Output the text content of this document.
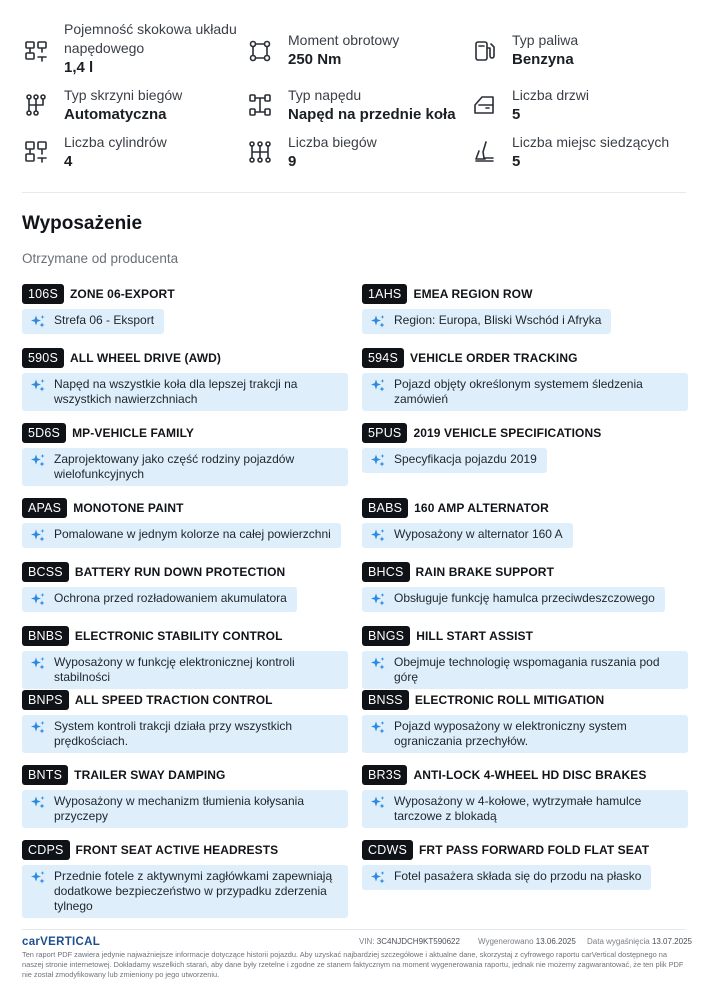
Pojemność skokowa układu napędowego
1,4 l
Moment obrotowy
250 Nm
Typ paliwa
Benzyna
Typ skrzyni biegów
Automatyczna
Typ napędu
Napęd na przednie koła
Liczba drzwi
5
Liczba cylindrów
4
Liczba biegów
9
Liczba miejsc siedzących
5
Wyposażenie
Otrzymane od producenta
106S	ZONE 06-EXPORT
Strefa 06 - Eksport
1AHS	EMEA REGION ROW
Region: Europa, Bliski Wschód i Afryka
590S	ALL WHEEL DRIVE (AWD)
Napęd na wszystkie koła dla lepszej trakcji na wszystkich nawierzchniach
594S	VEHICLE ORDER TRACKING
Pojazd objęty określonym systemem śledzenia zamówień
5D6S	MP-VEHICLE FAMILY
Zaprojektowany jako część rodziny pojazdów wielofunkcyjnych
5PUS	2019 VEHICLE SPECIFICATIONS
Specyfikacja pojazdu 2019
APAS	MONOTONE PAINT
Pomalowane w jednym kolorze na całej powierzchni
BABS	160 AMP ALTERNATOR
Wyposażony w alternator 160 A
BCSS	BATTERY RUN DOWN PROTECTION
Ochrona przed rozładowaniem akumulatora
BHCS	RAIN BRAKE SUPPORT
Obsługuje funkcję hamulca przeciwdeszczowego
BNBS	ELECTRONIC STABILITY CONTROL
Wyposażony w funkcję elektronicznej kontroli stabilności
BNGS	HILL START ASSIST
Obejmuje technologię wspomagania ruszania pod górę
BNPS	ALL SPEED TRACTION CONTROL
System kontroli trakcji działa przy wszystkich prędkościach.
BNSS	ELECTRONIC ROLL MITIGATION
Pojazd wyposażony w elektroniczny system ograniczania przechyłów.
BNTS	TRAILER SWAY DAMPING
Wyposażony w mechanizm tłumienia kołysania przyczepy
BR3S	ANTI-LOCK 4-WHEEL HD DISC BRAKES
Wyposażony w 4-kołowe, wytrzymałe hamulce tarczowe z blokadą
CDPS	FRONT SEAT ACTIVE HEADRESTS
Przednie fotele z aktywnymi zagłówkami zapewniają dodatkowe bezpieczeństwo w przypadku zderzenia tylnego
CDWS	FRT PASS FORWARD FOLD FLAT SEAT
Fotel pasażera składa się do przodu na płasko
carVERTICAL	VIN: 3C4NJDCH9KT590622 Wygenerowano 13.06.2025 Data wygaśnięcia 13.07.2025
Ten raport PDF zawiera jedynie najważniejsze informacje dotyczące historii pojazdu. Aby uzyskać najbardziej szczegółowe i aktualne dane, skorzystaj z cyfrowego raportu carVertical dostępnego na naszej stronie internetowej. Dokładamy wszelkich starań, aby dane były rzetelne i zgodne ze stanem faktycznym na moment wygenerowania raportu, jednak nie możemy zagwarantować, że ten plik PDF nie został zmodyfikowany lub zmieniony po jego utworzeniu.
